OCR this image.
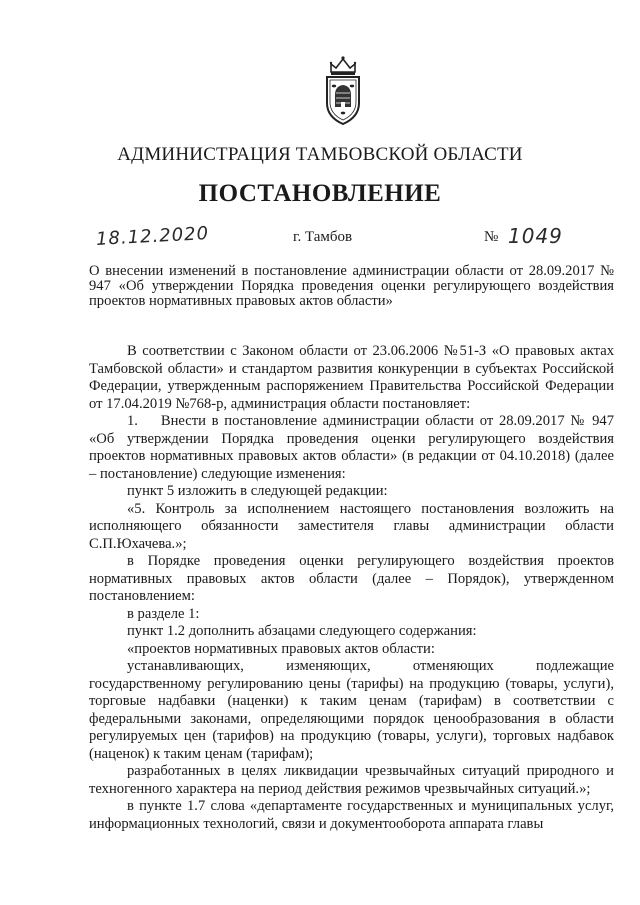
АДМИНИСТРАЦИЯ ТАМБОВСКОЙ ОБЛАСТИ
ПОСТАНОВЛЕНИЕ
18.12.2020	г. Тамбов	№ 1049
О внесении изменений в постановление администрации области от 28.09.2017 № 947 «Об утверждении Порядка проведения оценки регулирующего воздействия проектов нормативных правовых актов области»

В соответствии с Законом области от 23.06.2006 №51-З «О правовых актах Тамбовской области» и стандартом развития конкуренции в субъектах Российской Федерации, утвержденным распоряжением Правительства Российской Федерации от 17.04.2019 №768-р, администрация области постановляет:

1.    Внести в постановление администрации области от 28.09.2017 № 947 «Об утверждении Порядка проведения оценки регулирующего воздействия проектов нормативных правовых актов области» (в редакции от 04.10.2018) (далее – постановление) следующие изменения:

пункт 5 изложить в следующей редакции:

«5. Контроль за исполнением настоящего постановления возложить на исполняющего обязанности заместителя главы администрации области С.П.Юхачева.»;

в Порядке проведения оценки регулирующего воздействия проектов нормативных правовых актов области (далее – Порядок), утвержденном постановлением:

в разделе 1:

пункт 1.2 дополнить абзацами следующего содержания:

«проектов нормативных правовых актов области:

устанавливающих, изменяющих, отменяющих подлежащие государственному регулированию цены (тарифы) на продукцию (товары, услуги), торговые надбавки (наценки) к таким ценам (тарифам) в соответствии с федеральными законами, определяющими порядок ценообразования в области регулируемых цен (тарифов) на продукцию (товары, услуги), торговых надбавок (наценок) к таким ценам (тарифам);

разработанных в целях ликвидации чрезвычайных ситуаций природного и техногенного характера на период действия режимов чрезвычайных ситуаций.»;

в пункте 1.7 слова «департаменте государственных и муниципальных услуг, информационных технологий, связи и документооборота аппарата главы
